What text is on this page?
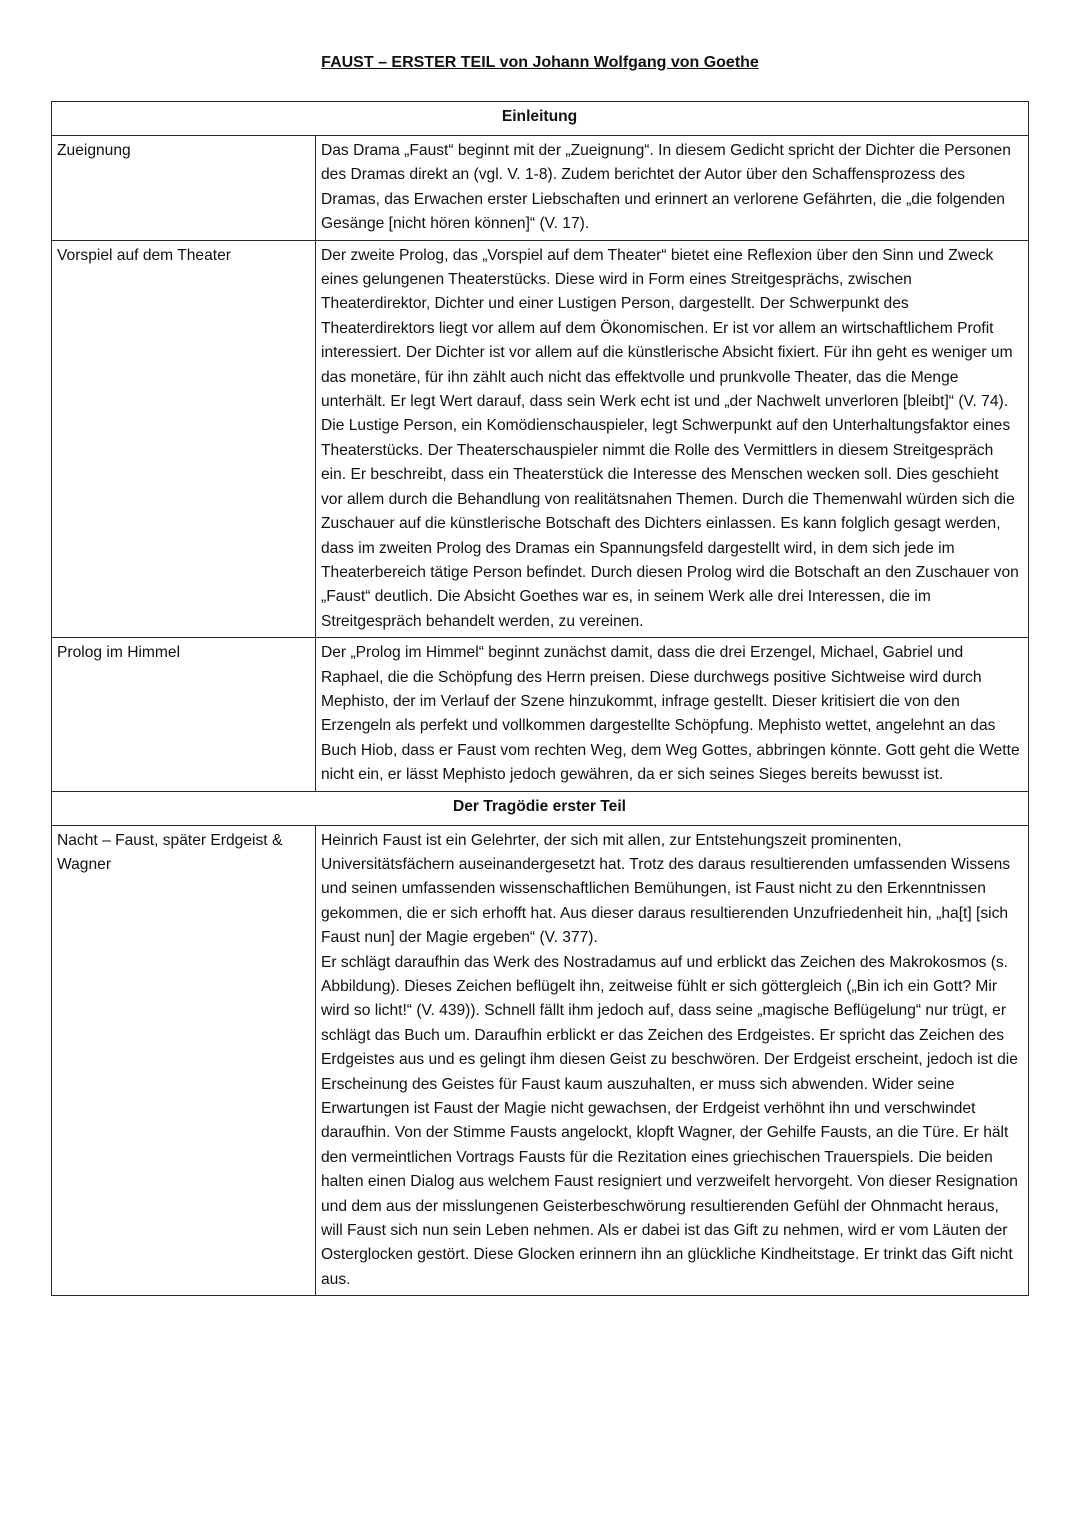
FAUST – ERSTER TEIL von Johann Wolfgang von Goethe
Einleitung	
Zueignung	Das Drama „Faust“ beginnt mit der „Zueignung“. In diesem Gedicht spricht der Dichter die Personen des Dramas direkt an (vgl. V. 1-8). Zudem berichtet der Autor über den Schaffensprozess des Dramas, das Erwachen erster Liebschaften und erinnert an verlorene Gefährten, die „die folgenden Gesänge [nicht hören können]“ (V. 17).

Vorspiel auf dem Theater	Der zweite Prolog, das „Vorspiel auf dem Theater“ bietet eine Reflexion über den Sinn und Zweck eines gelungenen Theaterstücks. Diese wird in Form eines Streitgesprächs, zwischen Theaterdirektor, Dichter und einer Lustigen Person, dargestellt. Der Schwerpunkt des Theaterdirektors liegt vor allem auf dem Ökonomischen. Er ist vor allem an wirtschaftlichem Profit interessiert. Der Dichter ist vor allem auf die künstlerische Absicht fixiert. Für ihn geht es weniger um das monetäre, für ihn zählt auch nicht das effektvolle und prunkvolle Theater, das die Menge unterhält. Er legt Wert darauf, dass sein Werk echt ist und „der Nachwelt unverloren [bleibt]“ (V. 74). Die Lustige Person, ein Komödienschauspieler, legt Schwerpunkt auf den Unterhaltungsfaktor eines Theaterstücks. Der Theaterschauspieler nimmt die Rolle des Vermittlers in diesem Streitgespräch ein. Er beschreibt, dass ein Theaterstück die Interesse des Menschen wecken soll. Dies geschieht vor allem durch die Behandlung von realitätsnahen Themen. Durch die Themenwahl würden sich die Zuschauer auf die künstlerische Botschaft des Dichters einlassen. Es kann folglich gesagt werden, dass im zweiten Prolog des Dramas ein Spannungsfeld dargestellt wird, in dem sich jede im Theaterbereich tätige Person befindet. Durch diesen Prolog wird die Botschaft an den Zuschauer von „Faust“ deutlich. Die Absicht Goethes war es, in seinem Werk alle drei Interessen, die im Streitgespräch behandelt werden, zu vereinen.

Prolog im Himmel	Der „Prolog im Himmel“ beginnt zunächst damit, dass die drei Erzengel, Michael, Gabriel und Raphael, die die Schöpfung des Herrn preisen. Diese durchwegs positive Sichtweise wird durch Mephisto, der im Verlauf der Szene hinzukommt, infrage gestellt. Dieser kritisiert die von den Erzengeln als perfekt und vollkommen dargestellte Schöpfung. Mephisto wettet, angelehnt an das Buch Hiob, dass er Faust vom rechten Weg, dem Weg Gottes, abbringen könnte. Gott geht die Wette nicht ein, er lässt Mephisto jedoch gewähren, da er sich seines Sieges bereits bewusst ist.

Der Tragödie erster Teil	
Nacht – Faust, später Erdgeist & Wagner	Heinrich Faust ist ein Gelehrter, der sich mit allen, zur Entstehungszeit prominenten, Universitätsfächern auseinandergesetzt hat. Trotz des daraus resultierenden umfassenden Wissens und seinen umfassenden wissenschaftlichen Bemühungen, ist Faust nicht zu den Erkenntnissen gekommen, die er sich erhofft hat. Aus dieser daraus resultierenden Unzufriedenheit hin, „ha[t] [sich Faust nun] der Magie ergeben“ (V. 377).

Er schlägt daraufhin das Werk des Nostradamus auf und erblickt das Zeichen des Makrokosmos (s. Abbildung). Dieses Zeichen beflügelt ihn, zeitweise fühlt er sich göttergleich („Bin ich ein Gott? Mir wird so licht!“ (V. 439)). Schnell fällt ihm jedoch auf, dass seine „magische Beflügelung“ nur trügt, er schlägt das Buch um. Daraufhin erblickt er das Zeichen des Erdgeistes. Er spricht das Zeichen des Erdgeistes aus und es gelingt ihm diesen Geist zu beschwören. Der Erdgeist erscheint, jedoch ist die Erscheinung des Geistes für Faust kaum auszuhalten, er muss sich abwenden. Wider seine Erwartungen ist Faust der Magie nicht gewachsen, der Erdgeist verhöhnt ihn und verschwindet daraufhin. Von der Stimme Fausts angelockt, klopft Wagner, der Gehilfe Fausts, an die Türe. Er hält den vermeintlichen Vortrags Fausts für die Rezitation eines griechischen Trauerspiels. Die beiden halten einen Dialog aus welchem Faust resigniert und verzweifelt hervorgeht. Von dieser Resignation und dem aus der misslungenen Geisterbeschwörung resultierenden Gefühl der Ohnmacht heraus, will Faust sich nun sein Leben nehmen. Als er dabei ist das Gift zu nehmen, wird er vom Läuten der Osterglocken gestört. Diese Glocken erinnern ihn an glückliche Kindheitstage. Er trinkt das Gift nicht aus.
